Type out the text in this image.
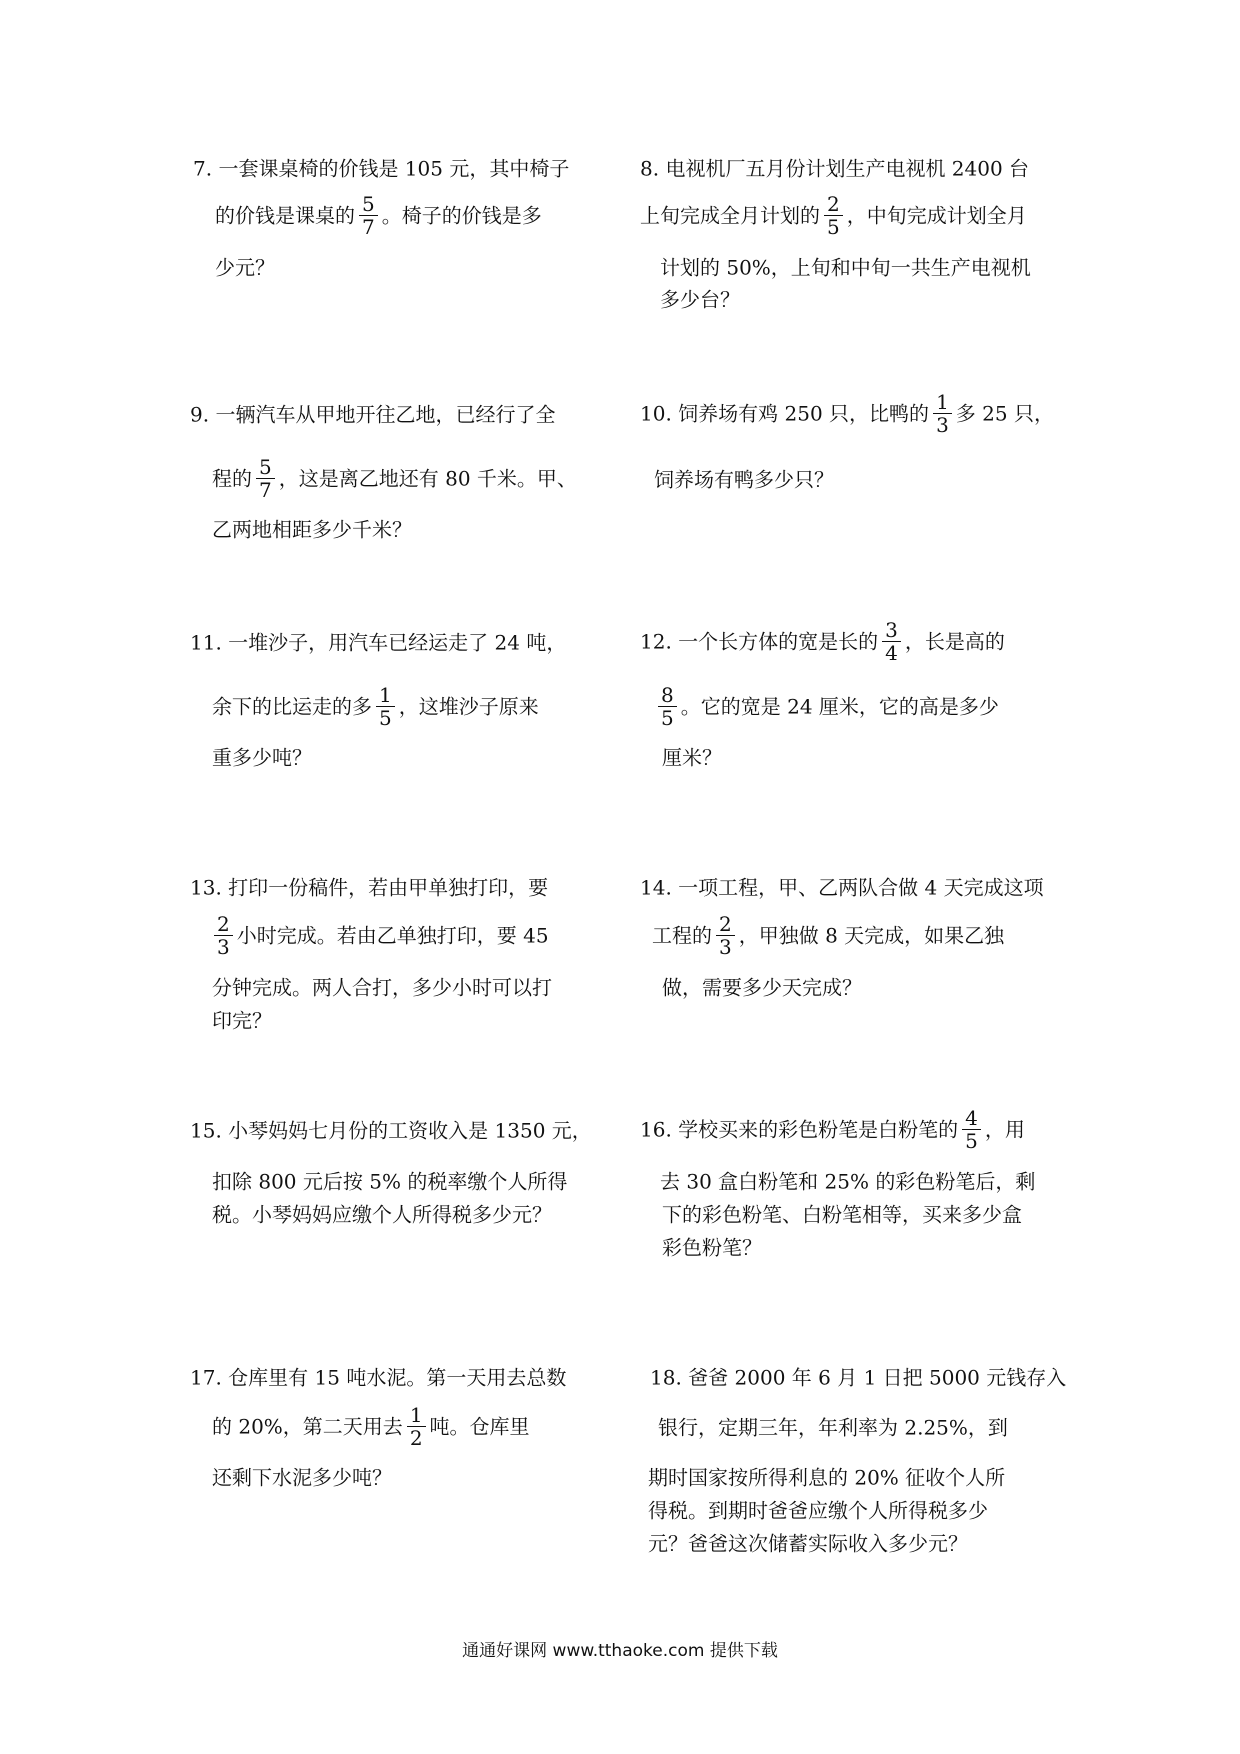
7. 一套课桌椅的价钱是 105 元，其中椅子
的价钱是课桌的 $\frac{5}{7}$ 。椅子的价钱是多
少元？
8. 电视机厂五月份计划生产电视机 2400 台
上旬完成全月计划的 $\frac{2}{5}$ ，中旬完成计划全月
计划的 50%，上旬和中旬一共生产电视机
多少台？
9. 一辆汽车从甲地开往乙地，已经行了全
程的 $\frac{5}{7}$ ，这是离乙地还有 80 千米。甲、
乙两地相距多少千米？
10. 饲养场有鸡 250 只，比鸭的 $\frac{1}{3}$ 多 25 只，
饲养场有鸭多少只？
11. 一堆沙子，用汽车已经运走了 24 吨，
余下的比运走的多 $\frac{1}{5}$ ，这堆沙子原来
重多少吨？
12. 一个长方体的宽是长的 $\frac{3}{4}$ ，长是高的
$\frac{8}{5}$ 。它的宽是 24 厘米，它的高是多少
厘米？
13. 打印一份稿件，若由甲单独打印，要
$\frac{2}{3}$ 小时完成。若由乙单独打印，要 45
分钟完成。两人合打，多少小时可以打
印完？
14. 一项工程，甲、乙两队合做 4 天完成这项
工程的 $\frac{2}{3}$ ，甲独做 8 天完成，如果乙独
做，需要多少天完成？
15. 小琴妈妈七月份的工资收入是 1350 元，
扣除 800 元后按 5% 的税率缴个人所得
税。小琴妈妈应缴个人所得税多少元？
16. 学校买来的彩色粉笔是白粉笔的 $\frac{4}{5}$ ，用
去 30 盒白粉笔和 25% 的彩色粉笔后，剩
下的彩色粉笔、白粉笔相等，买来多少盒
彩色粉笔？
17. 仓库里有 15 吨水泥。第一天用去总数
的 20%，第二天用去 $\frac{1}{2}$ 吨。仓库里
还剩下水泥多少吨？
18. 爸爸 2000 年 6 月 1 日把 5000 元钱存入
银行，定期三年，年利率为 2.25%，到
期时国家按所得利息的 20% 征收个人所
得税。到期时爸爸应缴个人所得税多少
元？爸爸这次储蓄实际收入多少元？
通通好课网 www.tthaoke.com 提供下载
